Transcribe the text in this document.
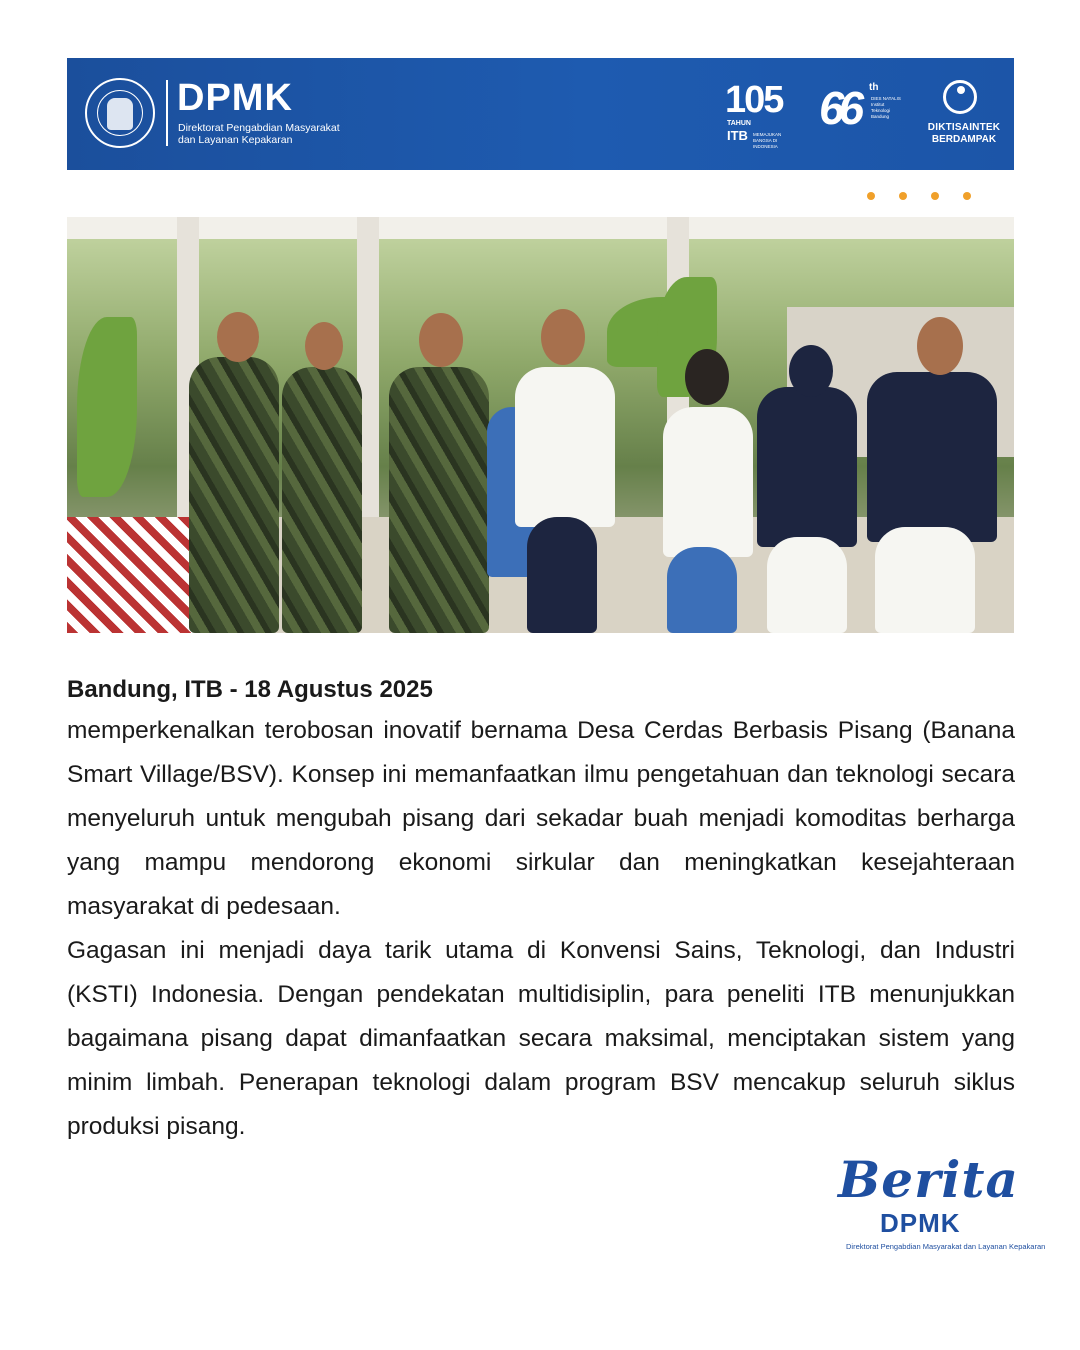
DPMK
Direktorat Pengabdian Masyarakat
dan Layanan Kepakaran
105
TAHUN
ITB MEMAJUKAN BANGSA DI INDONESIA
66 th
DIES NATALIS Institut Teknologi Bandung
DIKTISAINTEK
BERDAMPAK

Bandung, ITB - 18 Agustus 2025

memperkenalkan terobosan inovatif bernama Desa Cerdas Berbasis Pisang (Banana Smart Village/BSV). Konsep ini memanfaatkan ilmu pengetahuan dan teknologi secara menyeluruh untuk mengubah pisang dari sekadar buah menjadi komoditas berharga yang mampu mendorong ekonomi sirkular dan meningkatkan kesejahteraan masyarakat di pedesaan.

Gagasan ini menjadi daya tarik utama di Konvensi Sains, Teknologi, dan Industri (KSTI) Indonesia. Dengan pendekatan multidisiplin, para peneliti ITB menunjukkan bagaimana pisang dapat dimanfaatkan secara maksimal, menciptakan sistem yang minim limbah. Penerapan teknologi dalam program BSV mencakup seluruh siklus produksi pisang.

Berita
DPMK
Direktorat Pengabdian Masyarakat dan Layanan Kepakaran
